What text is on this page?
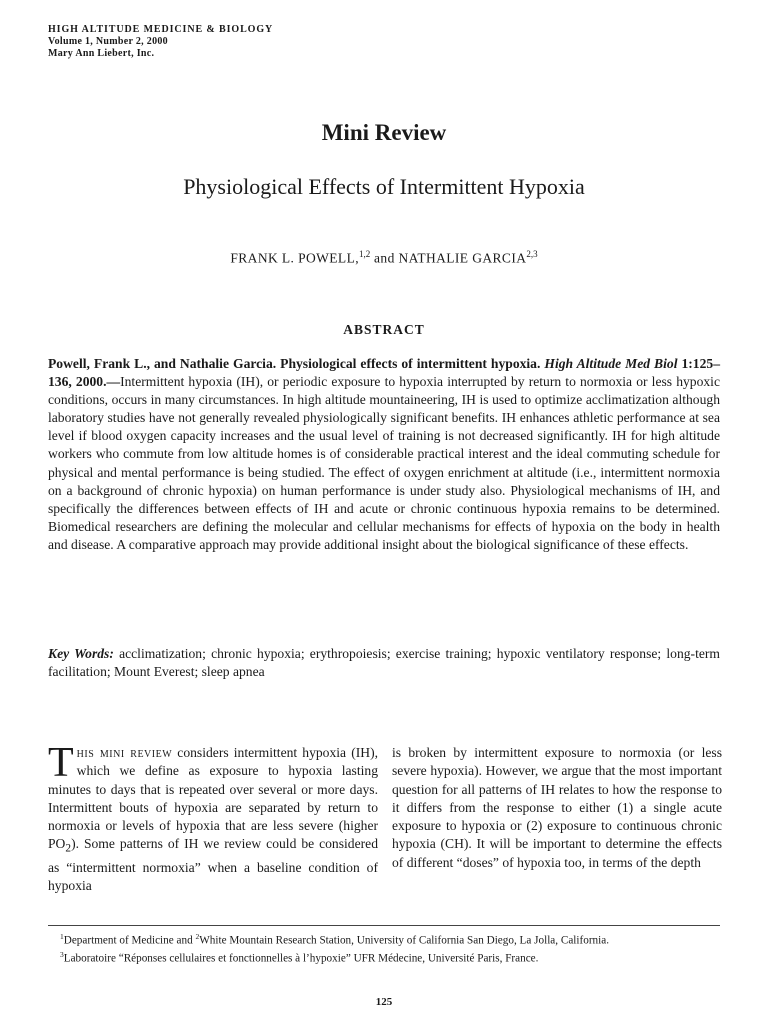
HIGH ALTITUDE MEDICINE & BIOLOGY
Volume 1, Number 2, 2000
Mary Ann Liebert, Inc.
Mini Review
Physiological Effects of Intermittent Hypoxia
FRANK L. POWELL,$^{1,2}$ and NATHALIE GARCIA$^{2,3}$
ABSTRACT

Powell, Frank L., and Nathalie Garcia. Physiological effects of intermittent hypoxia. High Altitude Med Biol 1:125–136, 2000.—Intermittent hypoxia (IH), or periodic exposure to hypoxia interrupted by return to normoxia or less hypoxic conditions, occurs in many circumstances. In high altitude mountaineering, IH is used to optimize acclimatization although laboratory studies have not generally revealed physiologically significant benefits. IH enhances athletic performance at sea level if blood oxygen capacity increases and the usual level of training is not decreased significantly. IH for high altitude workers who commute from low altitude homes is of considerable practical interest and the ideal commuting schedule for physical and mental performance is being studied. The effect of oxygen enrichment at altitude (i.e., intermittent normoxia on a background of chronic hypoxia) on human performance is under study also. Physiological mechanisms of IH, and specifically the differences between effects of IH and acute or chronic continuous hypoxia remains to be determined. Biomedical researchers are defining the molecular and cellular mechanisms for effects of hypoxia on the body in health and disease. A comparative approach may provide additional insight about the biological significance of these effects.

Key Words: acclimatization; chronic hypoxia; erythropoiesis; exercise training; hypoxic ventilatory response; long-term facilitation; Mount Everest; sleep apnea

This mini review considers intermittent hypoxia (IH), which we define as exposure to hypoxia lasting minutes to days that is repeated over several or more days. Intermittent bouts of hypoxia are separated by return to normoxia or levels of hypoxia that are less severe (higher $PO_2$). Some patterns of IH we review could be considered as “intermittent normoxia” when a baseline condition of hypoxia

is broken by intermittent exposure to normoxia (or less severe hypoxia). However, we argue that the most important question for all patterns of IH relates to how the response to it differs from the response to either (1) a single acute exposure to hypoxia or (2) exposure to continuous chronic hypoxia (CH). It will be important to determine the effects of different “doses” of hypoxia too, in terms of the depth

$^1$Department of Medicine and $^2$White Mountain Research Station, University of California San Diego, La Jolla, California.

$^3$Laboratoire “Réponses cellulaires et fonctionnelles à l’hypoxie” UFR Médecine, Université Paris, France.

125
